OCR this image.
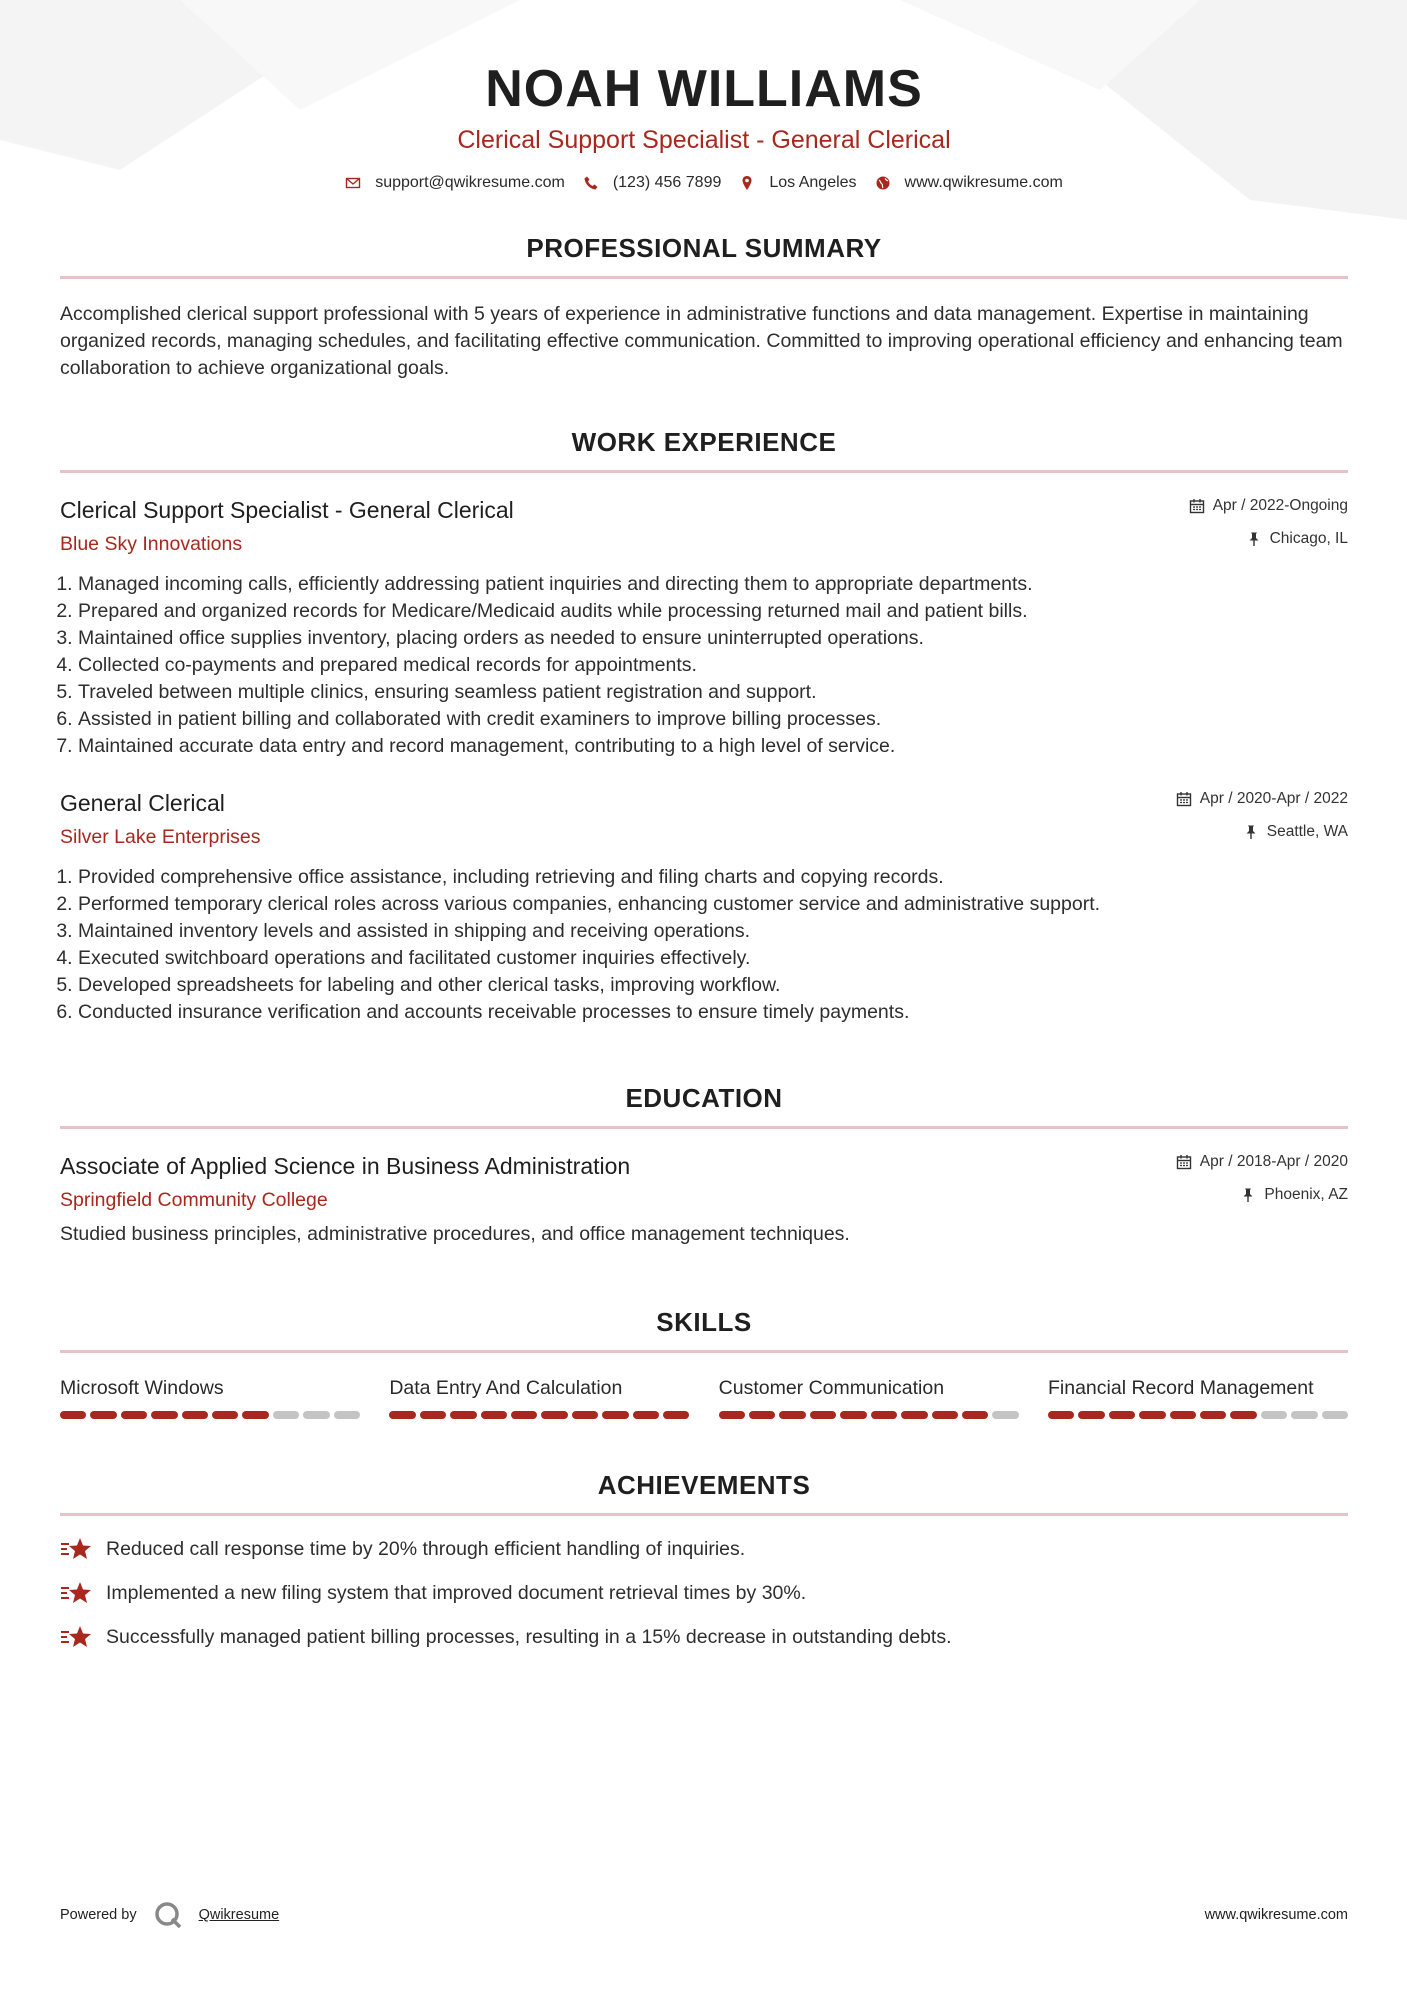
NOAH WILLIAMS
Clerical Support Specialist - General Clerical
support@qwikresume.com	(123) 456 7899	Los Angeles	www.qwikresume.com
PROFESSIONAL SUMMARY
Accomplished clerical support professional with 5 years of experience in administrative functions and data management. Expertise in maintaining organized records, managing schedules, and facilitating effective communication. Committed to improving operational efficiency and enhancing team collaboration to achieve organizational goals.
WORK EXPERIENCE
Clerical Support Specialist - General Clerical
Blue Sky Innovations
Apr / 2022-Ongoing
Chicago, IL
1. Managed incoming calls, efficiently addressing patient inquiries and directing them to appropriate departments.
2. Prepared and organized records for Medicare/Medicaid audits while processing returned mail and patient bills.
3. Maintained office supplies inventory, placing orders as needed to ensure uninterrupted operations.
4. Collected co-payments and prepared medical records for appointments.
5. Traveled between multiple clinics, ensuring seamless patient registration and support.
6. Assisted in patient billing and collaborated with credit examiners to improve billing processes.
7. Maintained accurate data entry and record management, contributing to a high level of service.
General Clerical
Silver Lake Enterprises
Apr / 2020-Apr / 2022
Seattle, WA
1. Provided comprehensive office assistance, including retrieving and filing charts and copying records.
2. Performed temporary clerical roles across various companies, enhancing customer service and administrative support.
3. Maintained inventory levels and assisted in shipping and receiving operations.
4. Executed switchboard operations and facilitated customer inquiries effectively.
5. Developed spreadsheets for labeling and other clerical tasks, improving workflow.
6. Conducted insurance verification and accounts receivable processes to ensure timely payments.
EDUCATION
Associate of Applied Science in Business Administration
Springfield Community College
Apr / 2018-Apr / 2020
Phoenix, AZ
Studied business principles, administrative procedures, and office management techniques.
SKILLS
Microsoft Windows	Data Entry And Calculation	Customer Communication	Financial Record Management
ACHIEVEMENTS
Reduced call response time by 20% through efficient handling of inquiries.
Implemented a new filing system that improved document retrieval times by 30%.
Successfully managed patient billing processes, resulting in a 15% decrease in outstanding debts.
Powered by	Qwikresume	www.qwikresume.com
